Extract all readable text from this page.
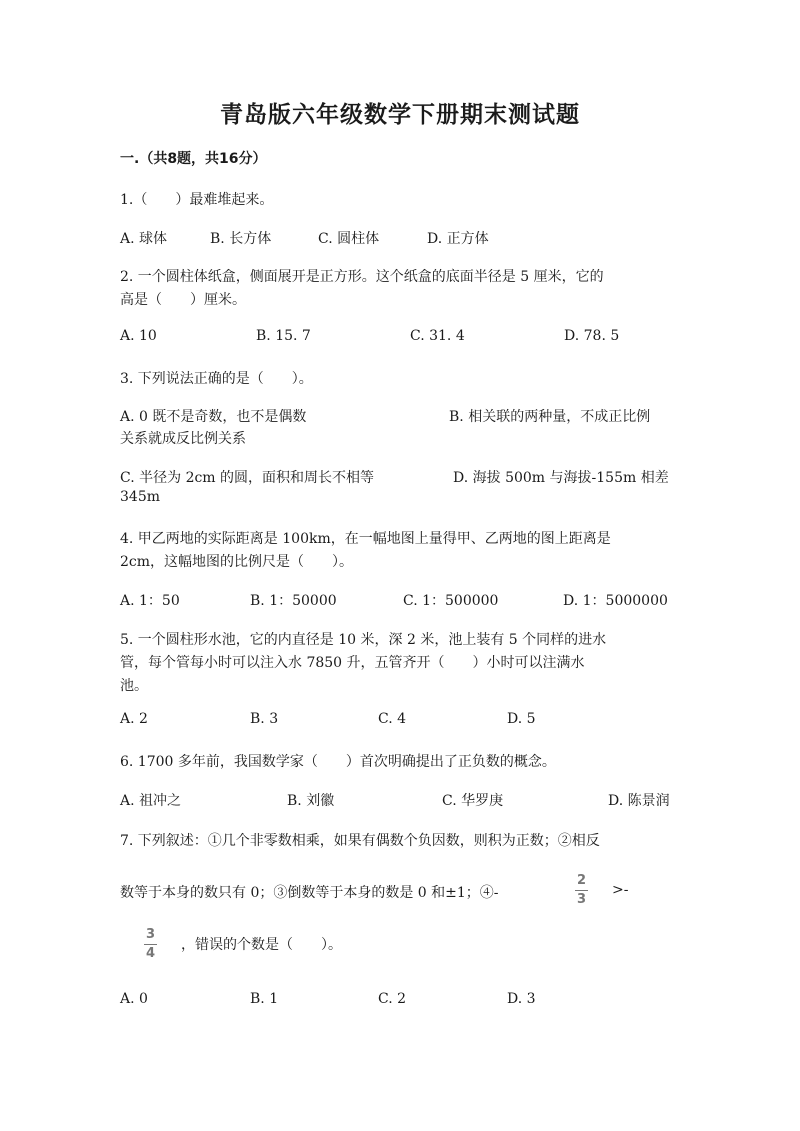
青岛版六年级数学下册期末测试题
一.（共8题，共16分）
1.（　　）最难堆起来。
A. 球体	B. 长方体	C. 圆柱体	D. 正方体
2. 一个圆柱体纸盒，侧面展开是正方形。这个纸盒的底面半径是 5 厘米，它的
高是（　　）厘米。
A. 10	B. 15. 7	C. 31. 4	D. 78. 5
3. 下列说法正确的是（　　）。
A. 0 既不是奇数，也不是偶数	B. 相关联的两种量，不成正比例
关系就成反比例关系
C. 半径为 2cm 的圆，面积和周长不相等	D. 海拔 500m 与海拔-155m 相差
345m
4. 甲乙两地的实际距离是 100km，在一幅地图上量得甲、乙两地的图上距离是
2cm，这幅地图的比例尺是（　　）。
A. 1：50	B. 1：50000	C. 1：500000	D. 1：5000000
5. 一个圆柱形水池，它的内直径是 10 米，深 2 米，池上装有 5 个同样的进水
管，每个管每小时可以注入水 7850 升，五管齐开（　　）小时可以注满水
池。
A. 2	B. 3	C. 4	D. 5
6. 1700 多年前，我国数学家（　　）首次明确提出了正负数的概念。
A. 祖冲之	B. 刘徽	C. 华罗庚	D. 陈景润
7. 下列叙述：①几个非零数相乘，如果有偶数个负因数，则积为正数；②相反
数等于本身的数只有 0；③倒数等于本身的数是 0 和±1；④-
2
3
>-
3
4
，错误的个数是（　　）。
A. 0	B. 1	C. 2	D. 3
